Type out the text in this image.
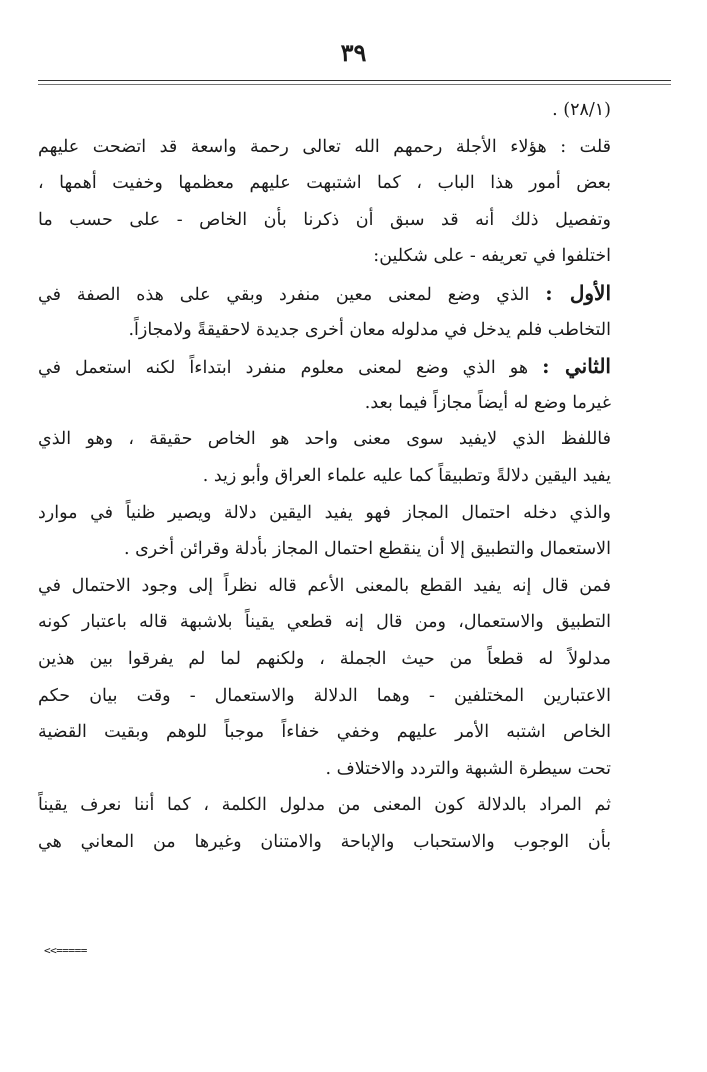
٣٩
(٢٨/١) .
قلت : هؤلاء الأجلة رحمهم الله تعالى رحمة واسعة قد اتضحت عليهم
بعض أمور هذا الباب ، كما اشتبهت عليهم معظمها وخفيت أهمها ،
وتفصيل ذلك أنه قد سبق أن ذكرنا بأن الخاص - على حسب ما
اختلفوا في تعريفه - على شكلين:
الأول : الذي وضع لمعنى معين منفرد وبقي على هذه الصفة في
التخاطب فلم يدخل في مدلوله معان أخرى جديدة لاحقيقةً ولامجازاً.
الثاني : هو الذي وضع لمعنى معلوم منفرد ابتداءاً لكنه استعمل في
غيرما وضع له أيضاً مجازاً فيما بعد.
فاللفظ الذي لايفيد سوى معنى واحد هو الخاص حقيقة ، وهو الذي
يفيد اليقين دلالةً وتطبيقاً كما عليه علماء العراق وأبو زيد .
والذي دخله احتمال المجاز فهو يفيد اليقين دلالة ويصير ظنياً في موارد
الاستعمال والتطبيق إلا أن ينقطع احتمال المجاز بأدلة وقرائن أخرى .
فمن قال إنه يفيد القطع بالمعنى الأعم قاله نظراً إلى وجود الاحتمال في
التطبيق والاستعمال، ومن قال إنه قطعي يقيناً بلاشبهة قاله باعتبار كونه
مدلولاً له قطعاً من حيث الجملة ، ولكنهم لما لم يفرقوا بين هذين
الاعتبارين المختلفين - وهما الدلالة والاستعمال - وقت بيان حكم
الخاص اشتبه الأمر عليهم وخفي خفاءاً موجباً للوهم وبقيت القضية
تحت سيطرة الشبهة والتردد والاختلاف .
ثم المراد بالدلالة كون المعنى من مدلول الكلمة ، كما أننا نعرف يقيناً
بأن الوجوب والاستحباب والإباحة والامتنان وغيرها من المعاني هي
<<=====
